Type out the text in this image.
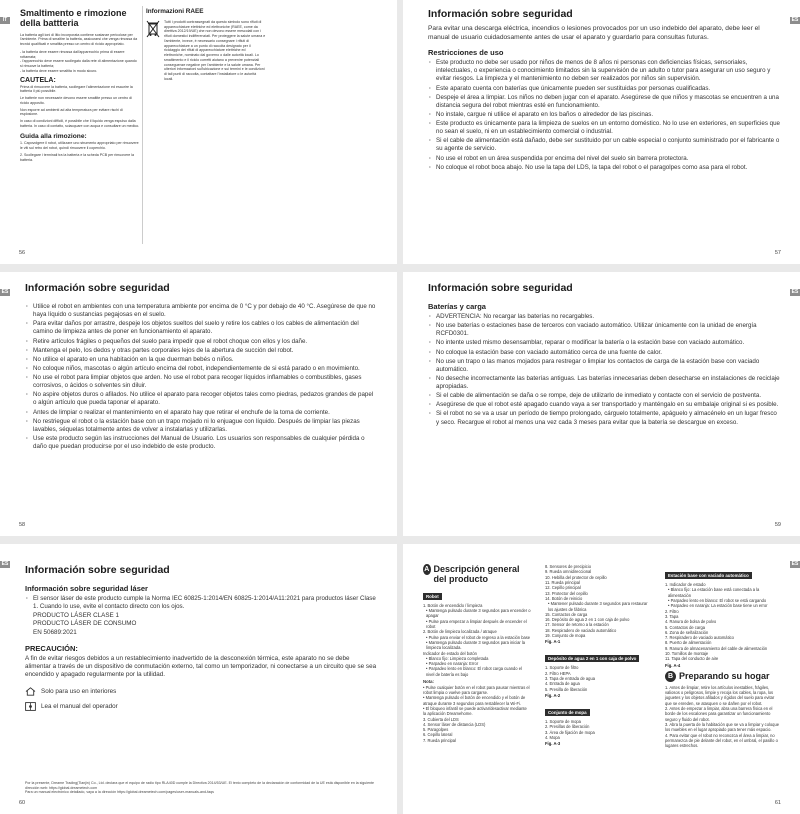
IT
Smaltimento e rimozione della battteria

La batteria agli ioni di litio incorporata contiene sostanze pericolose per l'ambiente. Prima di smaltire la batteria, assicurarsi che venga rimossa da tecnici qualificati e smaltita presso un centro di riciclo appropriato.

- la batteria deve essere rimossa dall'apparecchio prima di essere rottamata;

- l'apparecchio deve essere scollegato dalla rete di alimentazione quando si rimuove la batteria;

- la batteria deve essere smaltita in modo sicuro.

CAUTELA:

Prima di rimuovere la batteria, scollegare l'alimentazione ed esaurire la batteria il più possibile.

Le batterie non necessarie devono essere smaltite presso un centro di riciclo apposito.

Non esporre ad ambienti ad alta temperatura per evitare rischi di esplosione.

In caso di condizioni difficili, è possibile che il liquido venga espulso dalla batteria. In caso di contatto, sciacquare con acqua e consultare un medico.

Guida alla rimozione:

1. Capovolgere il robot, utilizzare uno strumento appropriato per rimuovere le viti sul retro del robot, quindi rimuovere il coperchio.

2. Scollegare i terminali tra la batteria e la scheda PCB per rimuovere la batteria.

Informazioni RAEE

Tutti i prodotti contrassegnati da questo simbolo sono rifiuti di apparecchiature elettriche ed elettroniche (RAEE, come da direttiva 2012/19/UE) che non devono essere mescolati con i rifiuti domestici indifferenziati. Per proteggere la salute umana e l'ambiente, invece, è necessario consegnare i rifiuti di apparecchiature a un punto di raccolta designato per il riciclaggio dei rifiuti di apparecchiature elettriche ed elettroniche, nominato dal governo o dalle autorità locali. Lo smaltimento e il riciclo corretti aiutano a prevenire potenziali conseguenze negative per l'ambiente e la salute umana. Per ulteriori informazioni sull'ubicazione e sui termini e le condizioni di tali punti di raccolta, contattare l'installatore o le autorità locali.

56
ES
Información sobre seguridad

Para evitar una descarga eléctrica, incendios o lesiones provocados por un uso indebido del aparato, debe leer el manual de usuario cuidadosamente antes de usar el aparato y guardarlo para consultas futuras.

Restricciones de uso
· Este producto no debe ser usado por niños de menos de 8 años ni personas con deficiencias físicas, sensoriales, intelectuales, o experiencia o conocimiento limitados sin la supervisión de un adulto o tutor para asegurar un uso seguro y evitar riesgos. La limpieza y el mantenimiento no deben ser realizados por niños sin supervisión.
· Este aparato cuenta con baterías que únicamente pueden ser sustituidas por personas cualificadas.
· Despeje el área a limpiar. Los niños no deben jugar con el aparato. Asegúrese de que niños y mascotas se encuentren a una distancia segura del robot mientras esté en funcionamiento.
· No instale, cargue ni utilice el aparato en los baños o alrededor de las piscinas.
· Este producto es únicamente para la limpieza de suelos en un entorno doméstico. No lo use en exteriores, en superficies que no sean el suelo, ni en un establecimiento comercial o industrial.
· Si el cable de alimentación está dañado, debe ser sustituido por un cable especial o conjunto suministrado por el fabricante o su agente de servicio.
· No use el robot en un área suspendida por encima del nivel del suelo sin barrera protectora.
· No coloque el robot boca abajo. No use la tapa del LDS, la tapa del robot o el paragolpes como asa para el robot.
57
ES Información sobre seguridad
· Utilice el robot en ambientes con una temperatura ambiente por encima de 0 °C y por debajo de 40 °C. Asegúrese de que no haya líquido o sustancias pegajosas en el suelo.
· Para evitar daños por arrastre, despeje los objetos sueltos del suelo y retire los cables o los cables de alimentación del camino de limpieza antes de poner en funcionamiento el aparato.
· Retire artículos frágiles o pequeños del suelo para impedir que el robot choque con ellos y los dañe.
· Mantenga el pelo, los dedos y otras partes corporales lejos de la abertura de succión del robot.
· No utilice el aparato en una habitación en la que duerman bebés o niños.
· No coloque niños, mascotas o algún artículo encima del robot, independientemente de si está parado o en movimiento.
· No use el robot para limpiar objetos que arden. No use el robot para recoger líquidos inflamables o combustibles, gases corrosivos, o ácidos o solventes sin diluir.
· No aspire objetos duros o afilados. No utilice el aparato para recoger objetos tales como piedras, pedazos grandes de papel o algún artículo que pueda taponar el aparato.
· Antes de limpiar o realizar el mantenimiento en el aparato hay que retirar el enchufe de la toma de corriente.
· No restriegue el robot o la estación base con un trapo mojado ni lo enjuague con líquido. Después de limpiar las piezas lavables, séquelas totalmente antes de volver a instalarlas y utilizarlas.
· Use este producto según las instrucciones del Manual de Usuario. Los usuarios son responsables de cualquier pérdida o daño que puedan producirse por el uso indebido de este producto.
58
ES
Información sobre seguridad
Baterías y carga
· ADVERTENCIA: No recargar las baterías no recargables.
· No use baterías o estaciones base de terceros con vaciado automático. Utilizar únicamente con la unidad de energía RCFD0301.
· No intente usted mismo desensamblar, reparar o modificar la batería o la estación base con vaciado automático.
· No coloque la estación base con vaciado automático cerca de una fuente de calor.
· No use un trapo o las manos mojados para restregar o limpiar los contactos de carga de la estación base con vaciado automático.
· No deseche incorrectamente las baterías antiguas. Las baterías innecesarias deben desecharse en instalaciones de reciclaje apropiadas.
· Si el cable de alimentación se daña o se rompe, deje de utilizarlo de inmediato y contacte con el servicio de postventa.
· Asegúrese de que el robot esté apagado cuando vaya a ser transportado y manténgalo en su embalaje original si es posible.
· Si el robot no se va a usar un período de tiempo prolongado, cárguelo totalmente, apáguelo y almacénelo en un lugar fresco y seco. Recargue el robot al menos una vez cada 3 meses para evitar que la batería se descargue en exceso.
59
ES Información sobre seguridad
Información sobre seguridad láser
· El sensor láser de este producto cumple la Norma IEC 60825-1:2014/EN 60825-1:2014/A11:2021 para productos láser Clase 1. Cuando lo use, evite el contacto directo con los ojos.

PRODUCTO LÁSER CLASE 1

PRODUCTO LÁSER DE CONSUMO

EN 50689:2021

PRECAUCIÓN:

A fin de evitar riesgos debidos a un restablecimiento inadvertido de la desconexión térmica, este aparato no se debe alimentar a través de un dispositivo de conmutación externo, tal como un temporizador, ni conectarse a un circuito que se sea encendido y apagado regularmente por la utilidad.

Solo para uso en interiores
Lea el manual del operador
Por la presente, Dreame Trading(Tianjin) Co., Ltd. declara que el equipo de radio tipo RLA40D cumple la Directiva 2014/53/UE. El texto completo de la declaración de conformidad de la UE está disponible en la siguiente dirección web: https://global.dreametech.com
Para un manual electrónico detallado, vaya a la dirección https://global.dreametech.com/pages/user-manuals-and-faqs
60
ES
A Descripción general del producto
Robot

1. Botón de encendido / limpieza

• Mantenga pulsado durante 3 segundos para encender o apagar

• Pulse para empezar a limpiar después de encender el robot

2. Botón de limpieza localizada / atraque

• Pulse para enviar el robot de regreso a la estación base

• Mantenga pulsado durante 3 segundos para iniciar la limpieza localizada.

Indicador de estado del botón

• Blanco fijo: Limpieza completada

• Parpadeo en naranja: Error

• Parpadeo lento en blanco: El robot carga cuando el nivel de batería es bajo

Nota:

• Pulse cualquier botón en el robot para pausar mientras el robot limpia o vuelve para cargarse.

• Mantenga pulsado el botón de encendido y el botón de atraque durante 3 segundos para restablecer la Wi-Fi.

• El bloqueo infantil se puede activar/desactivar mediante la aplicación Dreamehome.

3. Cubierta del LDS

4. Sensor láser de distancia (LDS)

5. Paragolpes

6. Cepillo lateral

7. Rueda principal

8. Sensores de precipicio

9. Rueda omnidireccional

10. Hebilla del protector de cepillo

11. Rueda principal

12. Cepillo principal

13. Protector del cepillo

14. Botón de reinicio

• Mantener pulsado durante 3 segundos para restaurar los ajustes de fábrica

15. Contactos de carga

16. Depósito de agua 2 en 1 con caja de polvo

17. Sensor de retorno a la estación

18. Respiradero de vaciado automático

19. Conjunto de mopa

Fig. A-1
Depósito de agua 2 en 1 con caja de polvo

1. Soporte de filtro

2. Filtro HEPA

3. Tapa de entrada de agua

4. Entrada de agua

5. Presilla de liberación

Fig. A-2
Conjunto de mopa

1. Soporte de mopa

2. Presillas de liberación

3. Área de fijación de mopa

4. Mopa

Fig. A-3
Estación base con vaciado automático

1. Indicador de estado

• Blanco fijo: La estación base está conectada a la alimentación

• Parpadeo lento en blanco: El robot se está cargando

• Parpadeo en naranja: La estación base tiene un error

2. Filtro

3. Tapa

4. Ranura de bolsa de polvo

5. Contactos de carga

6. Zona de señalización

7. Respiradero de vaciado automático

8. Puerto de alimentación

9. Ranura de almacenamiento del cable de alimentación

10. Tornillos de montaje

11. Tapa del conducto de aire

Fig. A-4
B Preparando su hogar

1. Antes de limpiar, retire los artículos inestables, frágiles, valiosos o peligrosos, limpie y recoja los cables, la ropa, los juguetes y los objetos afilados y rígidos del suelo para evitar que se enreden, se atasquen o se dañen por el robot.

2. Antes de empezar a limpiar, abra una barrera física en el borde de los escalones para garantizar un funcionamiento seguro y fluido del robot.

3. Abra la puerta de la habitación que se va a limpiar y coloque los muebles en el lugar apropiado para tener más espacio.

4. Para evitar que el robot no reconozca el área a limpiar, no permanezca de pie delante del robot, en el umbral, el pasillo o lugares estrechos.

61
